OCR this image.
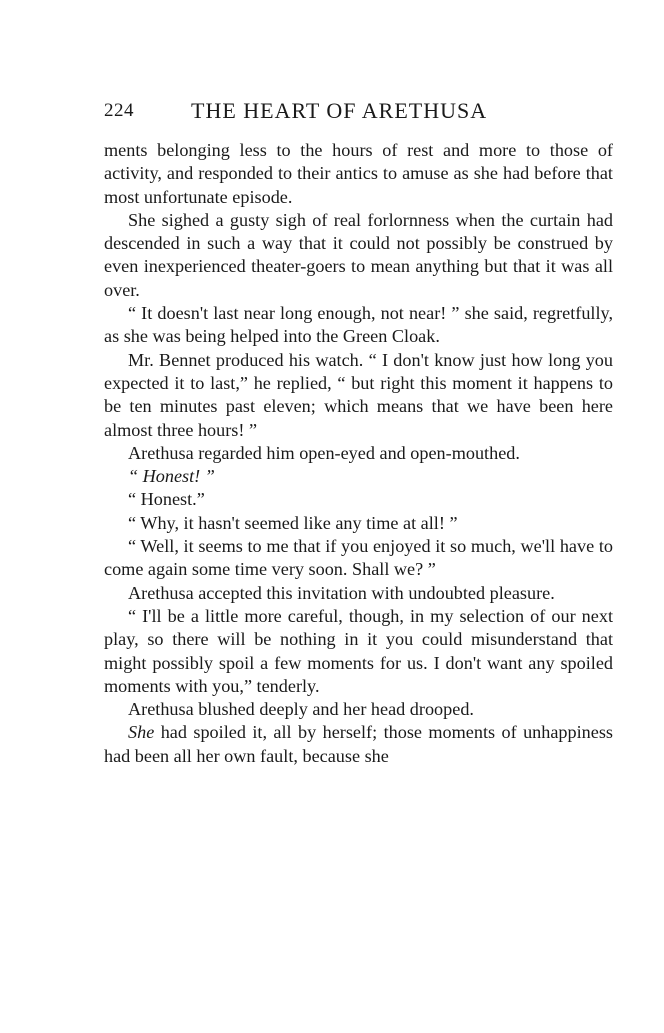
224	THE HEART OF ARETHUSA

ments belonging less to the hours of rest and more to those of activity, and responded to their antics to amuse as she had before that most unfortunate episode.

She sighed a gusty sigh of real forlornness when the curtain had descended in such a way that it could not possibly be construed by even inexperienced theater-goers to mean anything but that it was all over.

“ It doesn't last near long enough, not near! ” she said, regretfully, as she was being helped into the Green Cloak.

Mr. Bennet produced his watch. “ I don't know just how long you expected it to last,” he replied, “ but right this moment it happens to be ten minutes past eleven; which means that we have been here almost three hours! ”

Arethusa regarded him open-eyed and open-mouthed.

“ Honest! ”

“ Honest.”

“ Why, it hasn't seemed like any time at all! ”

“ Well, it seems to me that if you enjoyed it so much, we'll have to come again some time very soon. Shall we? ”

Arethusa accepted this invitation with undoubted pleasure.

“ I'll be a little more careful, though, in my selection of our next play, so there will be nothing in it you could misunderstand that might possibly spoil a few moments for us. I don't want any spoiled moments with you,” tenderly.

Arethusa blushed deeply and her head drooped.

She had spoiled it, all by herself; those moments of unhappiness had been all her own fault, because she
